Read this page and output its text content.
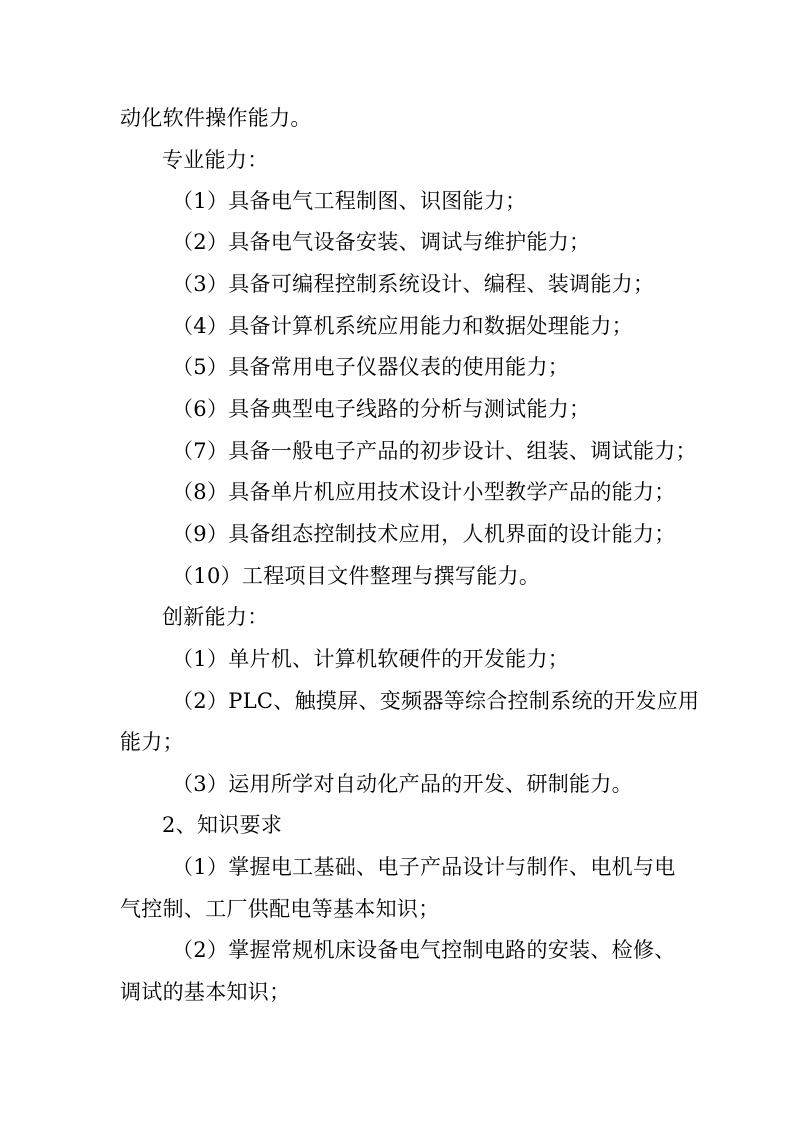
动化软件操作能力。
专业能力：
（1）具备电气工程制图、识图能力；
（2）具备电气设备安装、调试与维护能力；
（3）具备可编程控制系统设计、编程、装调能力；
（4）具备计算机系统应用能力和数据处理能力；
（5）具备常用电子仪器仪表的使用能力；
（6）具备典型电子线路的分析与测试能力；
（7）具备一般电子产品的初步设计、组装、调试能力；
（8）具备单片机应用技术设计小型教学产品的能力；
（9）具备组态控制技术应用，人机界面的设计能力；
（10）工程项目文件整理与撰写能力。
创新能力：
（1）单片机、计算机软硬件的开发能力；
（2）PLC、触摸屏、变频器等综合控制系统的开发应用
能力；
（3）运用所学对自动化产品的开发、研制能力。
2、知识要求
（1）掌握电工基础、电子产品设计与制作、电机与电
气控制、工厂供配电等基本知识；
（2）掌握常规机床设备电气控制电路的安装、检修、
调试的基本知识；
